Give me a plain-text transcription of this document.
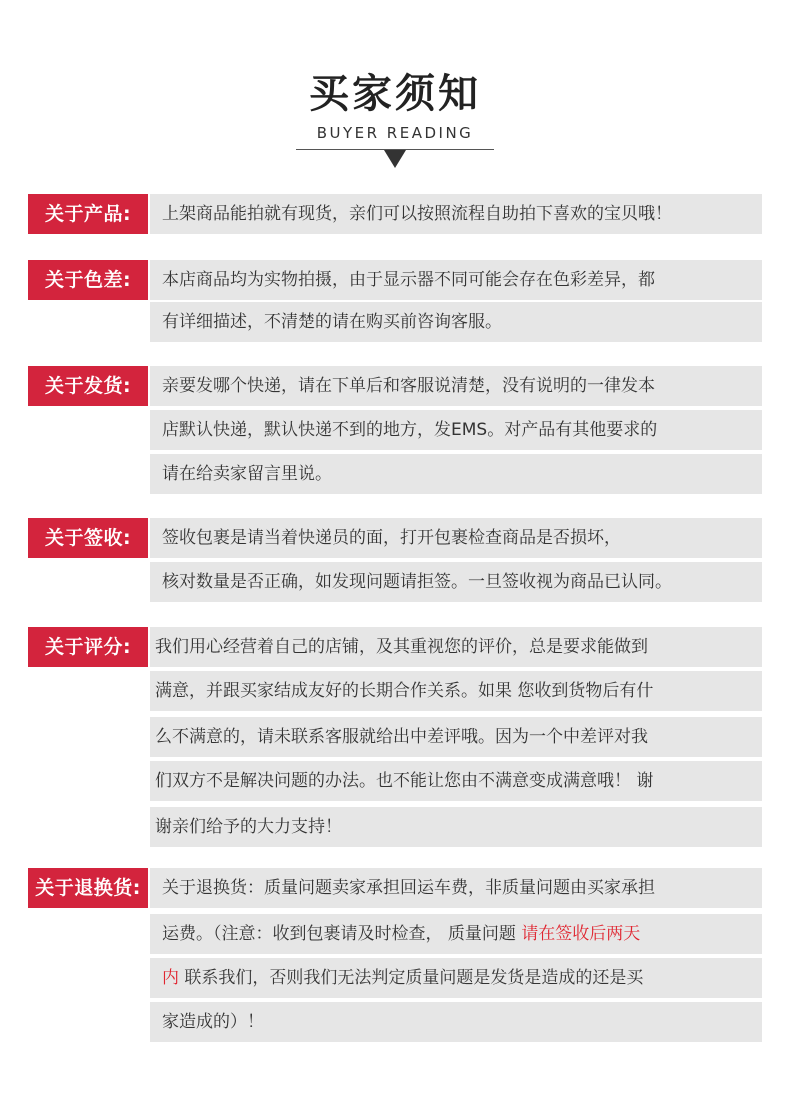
买家须知
BUYER READING
关于产品:	上架商品能拍就有现货，亲们可以按照流程自助拍下喜欢的宝贝哦！
关于色差:	本店商品均为实物拍摄，由于显示器不同可能会存在色彩差异，都
有详细描述，不清楚的请在购买前咨询客服。
关于发货:	亲要发哪个快递，请在下单后和客服说清楚，没有说明的一律发本
店默认快递，默认快递不到的地方，发EMS。对产品有其他要求的
请在给卖家留言里说。
关于签收:	签收包裹是请当着快递员的面，打开包裹检查商品是否损坏，
核对数量是否正确，如发现问题请拒签。一旦签收视为商品已认同。
关于评分:	我们用心经营着自己的店铺，及其重视您的评价，总是要求能做到
满意，并跟买家结成友好的长期合作关系。如果 您收到货物后有什
么不满意的，请未联系客服就给出中差评哦。因为一个中差评对我
们双方不是解决问题的办法。也不能让您由不满意变成满意哦！ 谢
谢亲们给予的大力支持！
关于退换货:	关于退换货：质量问题卖家承担回运车费，非质量问题由买家承担
运费。（注意：收到包裹请及时检查， 质量问题 请在签收后两天
内 联系我们，否则我们无法判定质量问题是发货是造成的还是买
家造成的）！
